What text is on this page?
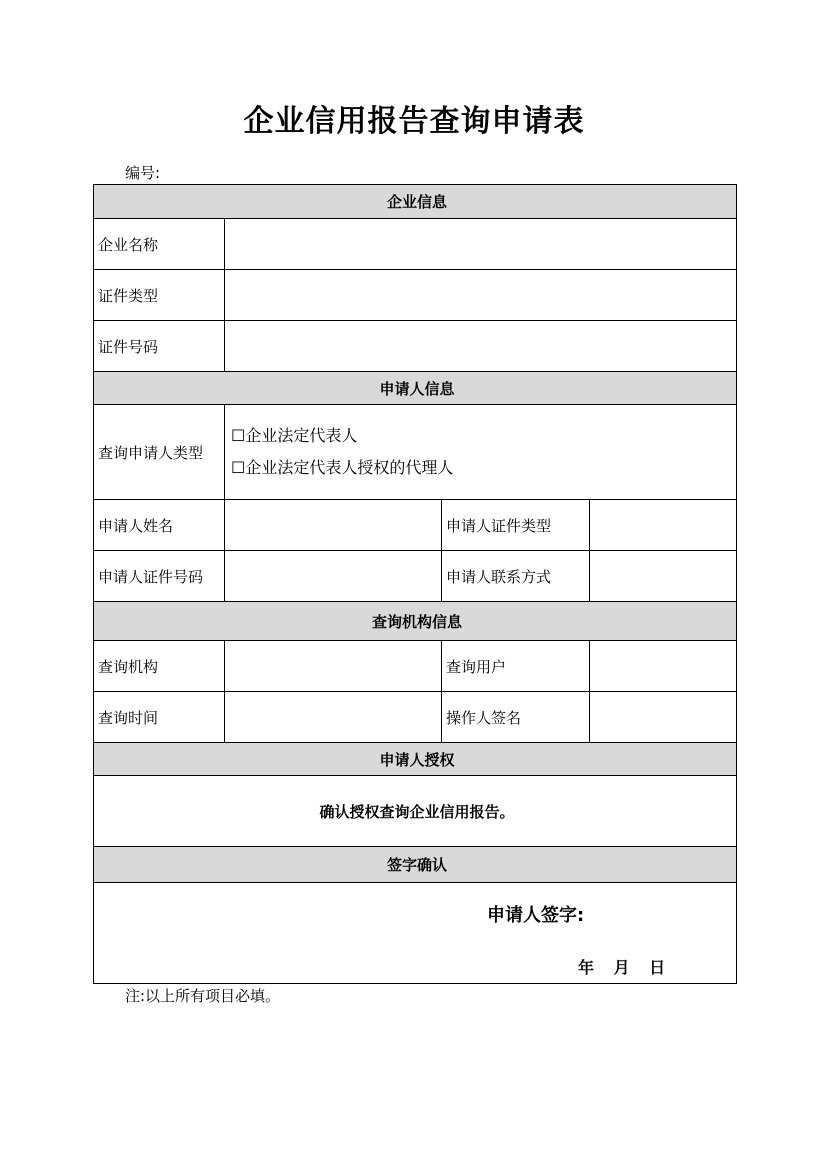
企业信用报告查询申请表
编号:
企业信息			
企业名称			
证件类型			
证件号码			
申请人信息			
查询申请人类型	☐企业法定代表人
☐企业法定代表人授权的代理人		

申请人姓名		申请人证件类型	
申请人证件号码		申请人联系方式	
查询机构信息			
查询机构		查询用户	
查询时间		操作人签名	
申请人授权			
确认授权查询企业信用报告。			
签字确认			

申请人签字:
年 月 日			
注:以上所有项目必填。
